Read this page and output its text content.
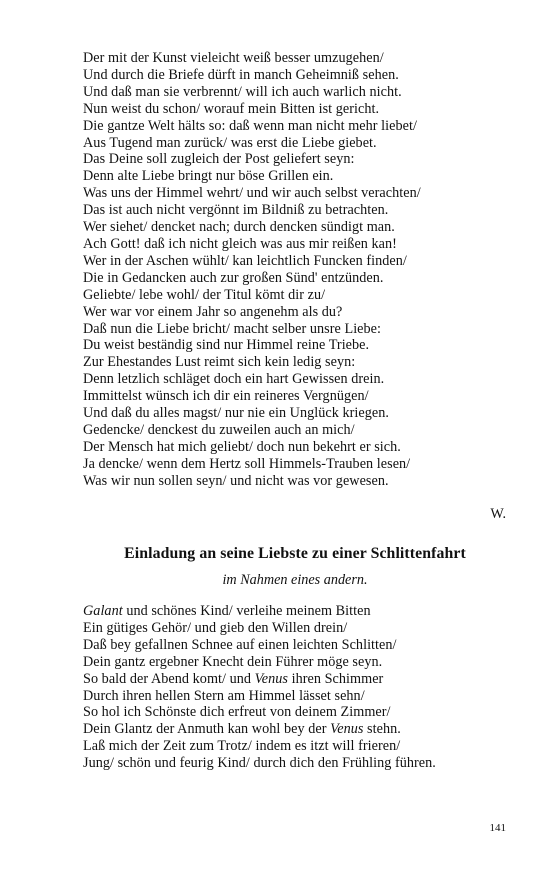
Der mit der Kunst vieleicht weiß besser umzugehen/
Und durch die Briefe dürft in manch Geheimniß sehen.
Und daß man sie verbrennt/ will ich auch warlich nicht.
Nun weist du schon/ worauf mein Bitten ist gericht.
Die gantze Welt hälts so: daß wenn man nicht mehr liebet/
Aus Tugend man zurück/ was erst die Liebe giebet.
Das Deine soll zugleich der Post geliefert seyn:
Denn alte Liebe bringt nur böse Grillen ein.
Was uns der Himmel wehrt/ und wir auch selbst verachten/
Das ist auch nicht vergönnt im Bildniß zu betrachten.
Wer siehet/ dencket nach; durch dencken sündigt man.
Ach Gott! daß ich nicht gleich was aus mir reißen kan!
Wer in der Aschen wühlt/ kan leichtlich Funcken finden/
Die in Gedancken auch zur großen Sünd' entzünden.
Geliebte/ lebe wohl/ der Titul kömt dir zu/
Wer war vor einem Jahr so angenehm als du?
Daß nun die Liebe bricht/ macht selber unsre Liebe:
Du weist beständig sind nur Himmel reine Triebe.
Zur Ehestandes Lust reimt sich kein ledig seyn:
Denn letzlich schläget doch ein hart Gewissen drein.
Immittelst wünsch ich dir ein reineres Vergnügen/
Und daß du alles magst/ nur nie ein Unglück kriegen.
Gedencke/ denckest du zuweilen auch an mich/
Der Mensch hat mich geliebt/ doch nun bekehrt er sich.
Ja dencke/ wenn dem Hertz soll Himmels-Trauben lesen/
Was wir nun sollen seyn/ und nicht was vor gewesen.
W.
Einladung an seine Liebste zu einer Schlittenfahrt
im Nahmen eines andern.
Galant und schönes Kind/ verleihe meinem Bitten
Ein gütiges Gehör/ und gieb den Willen drein/
Daß bey gefallnen Schnee auf einen leichten Schlitten/
Dein gantz ergebner Knecht dein Führer möge seyn.
So bald der Abend komt/ und Venus ihren Schimmer
Durch ihren hellen Stern am Himmel lässet sehn/
So hol ich Schönste dich erfreut von deinem Zimmer/
Dein Glantz der Anmuth kan wohl bey der Venus stehn.
Laß mich der Zeit zum Trotz/ indem es itzt will frieren/
Jung/ schön und feurig Kind/ durch dich den Frühling führen.
141
